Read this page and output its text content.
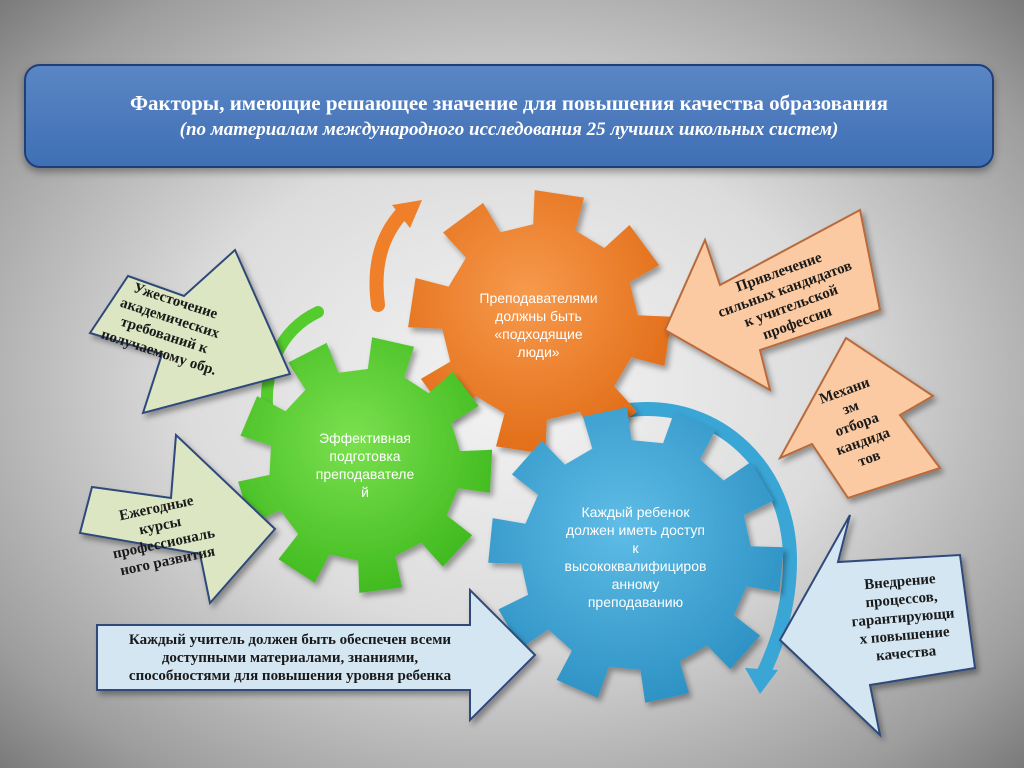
Факторы, имеющие решающее значение для повышения качества образования
(по материалам международного исследования 25 лучших школьных систем)
Преподавателями
должны быть
«подходящие
люди»
Эффективная
подготовка
преподавателе
й
Каждый ребенок
должен иметь доступ
к
высококвалифициров
анному
преподаванию
Ужесточение
академических
требований к
получаемому обр.
Ежегодные
курсы
профессиональ
ного развития
Каждый учитель должен быть обеспечен всеми
доступными материалами, знаниями,
способностями для повышения уровня ребенка
Привлечение
сильных кандидатов
к учительской
профессии
Механи
зм
отбора
кандида
тов
Внедрение
процессов,
гарантирующи
х повышение
качества
